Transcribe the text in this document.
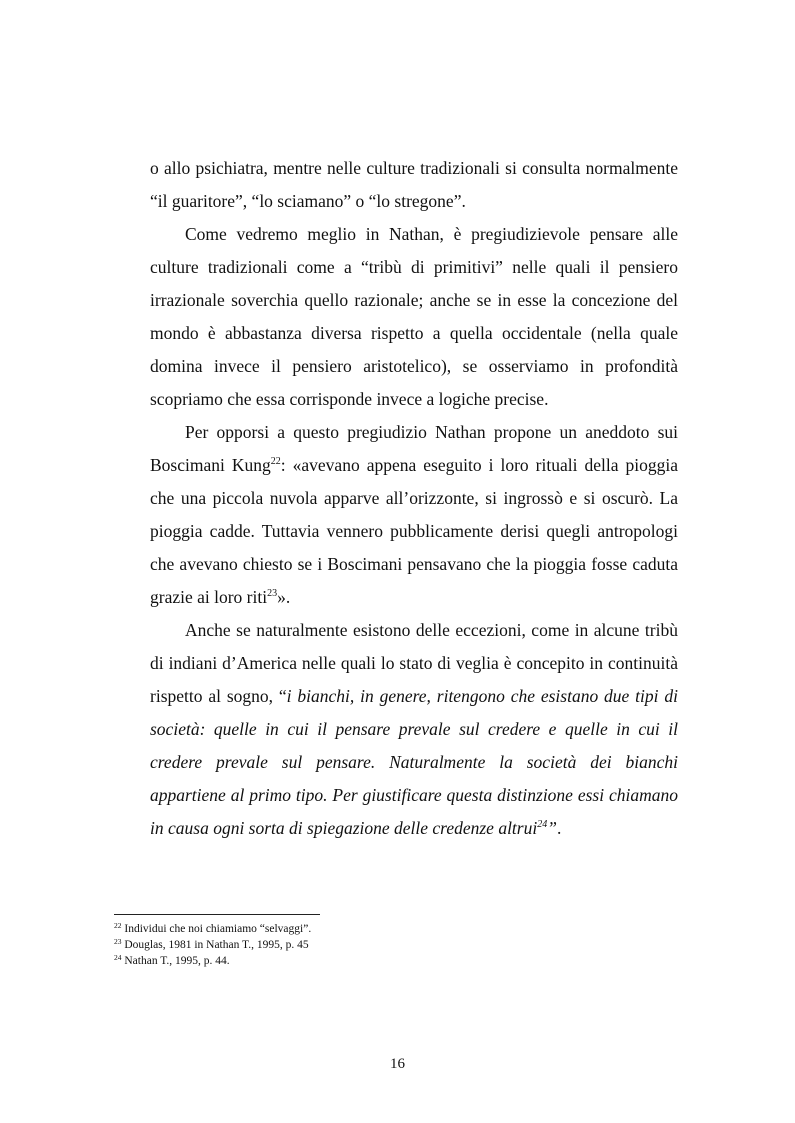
o allo psichiatra, mentre nelle culture tradizionali si consulta normalmente “il guaritore”, “lo sciamano” o “lo stregone”.

Come vedremo meglio in Nathan, è pregiudizievole pensare alle culture tradizionali come a “tribù di primitivi” nelle quali il pensiero irrazionale soverchia quello razionale; anche se in esse la concezione del mondo è abbastanza diversa rispetto a quella occidentale (nella quale domina invece il pensiero aristotelico), se osserviamo in profondità scopriamo che essa corrisponde invece a logiche precise.

Per opporsi a questo pregiudizio Nathan propone un aneddoto sui Boscimani Kung$^{22}$: «avevano appena eseguito i loro rituali della pioggia che una piccola nuvola apparve all’orizzonte, si ingrossò e si oscurò. La pioggia cadde. Tuttavia vennero pubblicamente derisi quegli antropologi che avevano chiesto se i Boscimani pensavano che la pioggia fosse caduta grazie ai loro riti$^{23}$».

Anche se naturalmente esistono delle eccezioni, come in alcune tribù di indiani d’America nelle quali lo stato di veglia è concepito in continuità rispetto al sogno, “i bianchi, in genere, ritengono che esistano due tipi di società: quelle in cui il pensare prevale sul credere e quelle in cui il credere prevale sul pensare. Naturalmente la società dei bianchi appartiene al primo tipo. Per giustificare questa distinzione essi chiamano in causa ogni sorta di spiegazione delle credenze altrui$^{24}$”.

$^{22}$ Individui che noi chiamiamo “selvaggi”.
$^{23}$ Douglas, 1981 in Nathan T., 1995, p. 45
$^{24}$ Nathan T., 1995, p. 44.
16
